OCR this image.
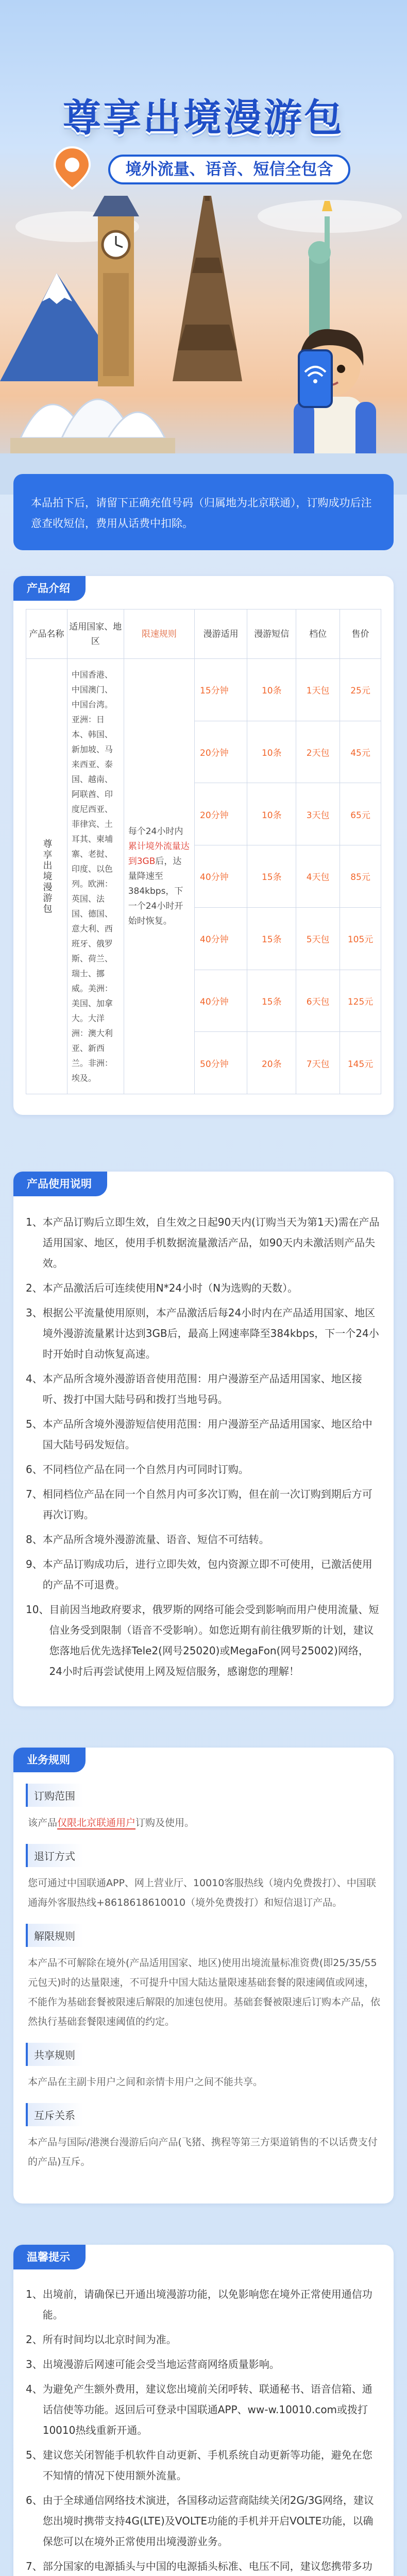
尊享出境漫游包
境外流量、语音、短信全包含
本品拍下后，请留下正确充值号码（归属地为北京联通），订购成功后注意查收短信，费用从话费中扣除。
产品介绍
产品名称	适用国家、地区	限速规则	漫游适用	漫游短信	档位	售价
尊享出境漫游包	中国香港、中国澳门、中国台湾。亚洲：日本、韩国、新加坡、马来西亚、泰国、越南、阿联酋、印度尼西亚、菲律宾、土耳其、柬埔寨、老挝、印度、以色列。欧洲：英国、法国、德国、意大利、西班牙、俄罗斯、荷兰、瑞士、挪威。美洲：美国、加拿大。大洋洲：澳大利亚、新西兰。非洲：埃及。	每个24小时内累计境外流量达到3GB后，达量降速至384kbps，下一个24小时开始时恢复。	15分钟	10条	1天包	25元
			20分钟	10条	2天包	45元
			20分钟	10条	3天包	65元
			40分钟	15条	4天包	85元
			40分钟	15条	5天包	105元
			40分钟	15条	6天包	125元
			50分钟	20条	7天包	145元
产品使用说明
1、 本产品订购后立即生效，自生效之日起90天内(订购当天为第1天)需在产品适用国家、地区，使用手机数据流量激活产品，如90天内未激活则产品失效。
2、 本产品激活后可连续使用N*24小时（N为选购的天数）。
3、 根据公平流量使用原则，本产品激活后每24小时内在产品适用国家、地区境外漫游流量累计达到3GB后，最高上网速率降至384kbps，下一个24小时开始时自动恢复高速。
4、 本产品所含境外漫游语音使用范围：用户漫游至产品适用国家、地区接听、拨打中国大陆号码和拨打当地号码。
5、 本产品所含境外漫游短信使用范围：用户漫游至产品适用国家、地区给中国大陆号码发短信。
6、 不同档位产品在同一个自然月内可同时订购。
7、 相同档位产品在同一个自然月内可多次订购，但在前一次订购到期后方可再次订购。
8、 本产品所含境外漫游流量、语音、短信不可结转。
9、 本产品订购成功后，进行立即失效，包内资源立即不可使用，已激活使用的产品不可退费。
10、 目前因当地政府要求，俄罗斯的网络可能会受到影响而用户使用流量、短信业务受到限制（语音不受影响）。如您近期有前往俄罗斯的计划，建议您落地后优先选择Tele2(网号25020)或MegaFon(网号25002)网络，24小时后再尝试使用上网及短信服务，感谢您的理解！
业务规则
订购范围
该产品仅限北京联通用户订购及使用。
退订方式
您可通过中国联通APP、网上营业厅、10010客服热线（境内免费拨打）、中国联通海外客服热线+8618618610010（境外免费拨打）和短信退订产品。
解限规则
本产品不可解除在境外(产品适用国家、地区)使用出境流量标准资费(即25/35/55元包天)时的达量限速，不可提升中国大陆达量限速基础套餐的限速阈值或网速，不能作为基础套餐被限速后解限的加速包使用。基础套餐被限速后订购本产品，依然执行基础套餐限速阈值的约定。
共享规则
本产品在主副卡用户之间和亲情卡用户之间不能共享。
互斥关系
本产品与国际/港澳台漫游后向产品(飞猪、携程等第三方渠道销售的不以话费支付的产品)互斥。
温馨提示
1、 出境前，请确保已开通出境漫游功能，以免影响您在境外正常使用通信功能。
2、 所有时间均以北京时间为准。
3、 出境漫游后网速可能会受当地运营商网络质量影响。
4、 为避免产生额外费用，建议您出境前关闭呼转、联通秘书、语音信箱、通话信使等功能。返回后可登录中国联通APP、ww-w.10010.com或拨打10010热线重新开通。
5、 建议您关闭智能手机软件自动更新、手机系统自动更新等功能，避免在您不知情的情况下使用额外流量。
6、 由于全球通信网络技术演进，各国移动运营商陆续关闭2G/3G网络，建议您出境时携带支持4G(LTE)及VOLTE功能的手机并开启VOLTE功能，以确保您可以在境外正常使用出境漫游业务。
7、 部分国家的电源插头与中国的电源插头标准、电压不同，建议您携带多功
